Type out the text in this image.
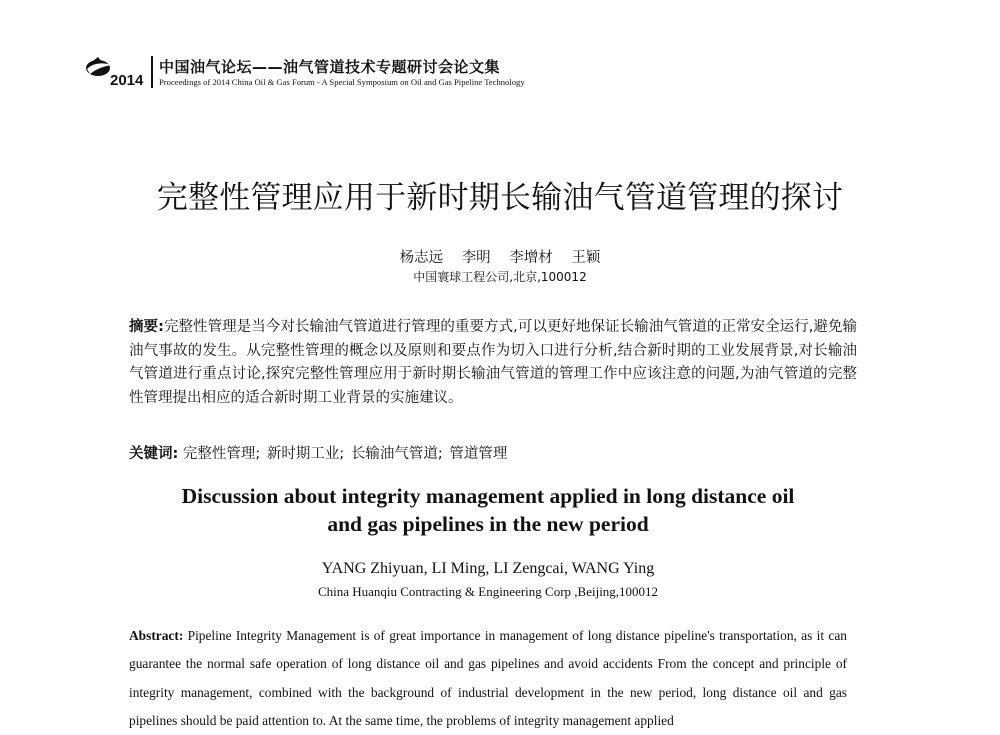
2014
中国油气论坛——油气管道技术专题研讨会论文集
Proceedings of 2014 China Oil & Gas Forum - A Special Symposium on Oil and Gas Pipeline Technology
完整性管理应用于新时期长输油气管道管理的探讨
杨志远 李明 李增材 王颖
中国寰球工程公司,北京,100012
摘要:完整性管理是当今对长输油气管道进行管理的重要方式,可以更好地保证长输油气管道的正常安全运行,避免输油气事故的发生。从完整性管理的概念以及原则和要点作为切入口进行分析,结合新时期的工业发展背景,对长输油气管道进行重点讨论,探究完整性管理应用于新时期长输油气管道的管理工作中应该注意的问题,为油气管道的完整性管理提出相应的适合新时期工业背景的实施建议。
关键词: 完整性管理; 新时期工业; 长输油气管道; 管道管理
Discussion about integrity management applied in long distance oil
and gas pipelines in the new period
YANG Zhiyuan, LI Ming, LI Zengcai, WANG Ying
China Huanqiu Contracting & Engineering Corp ,Beijing,100012
Abstract: Pipeline Integrity Management is of great importance in management of long distance pipeline's transportation, as it can guarantee the normal safe operation of long distance oil and gas pipelines and avoid accidents From the concept and principle of integrity management, combined with the background of industrial development in the new period, long distance oil and gas pipelines should be paid attention to. At the same time, the problems of integrity management applied
